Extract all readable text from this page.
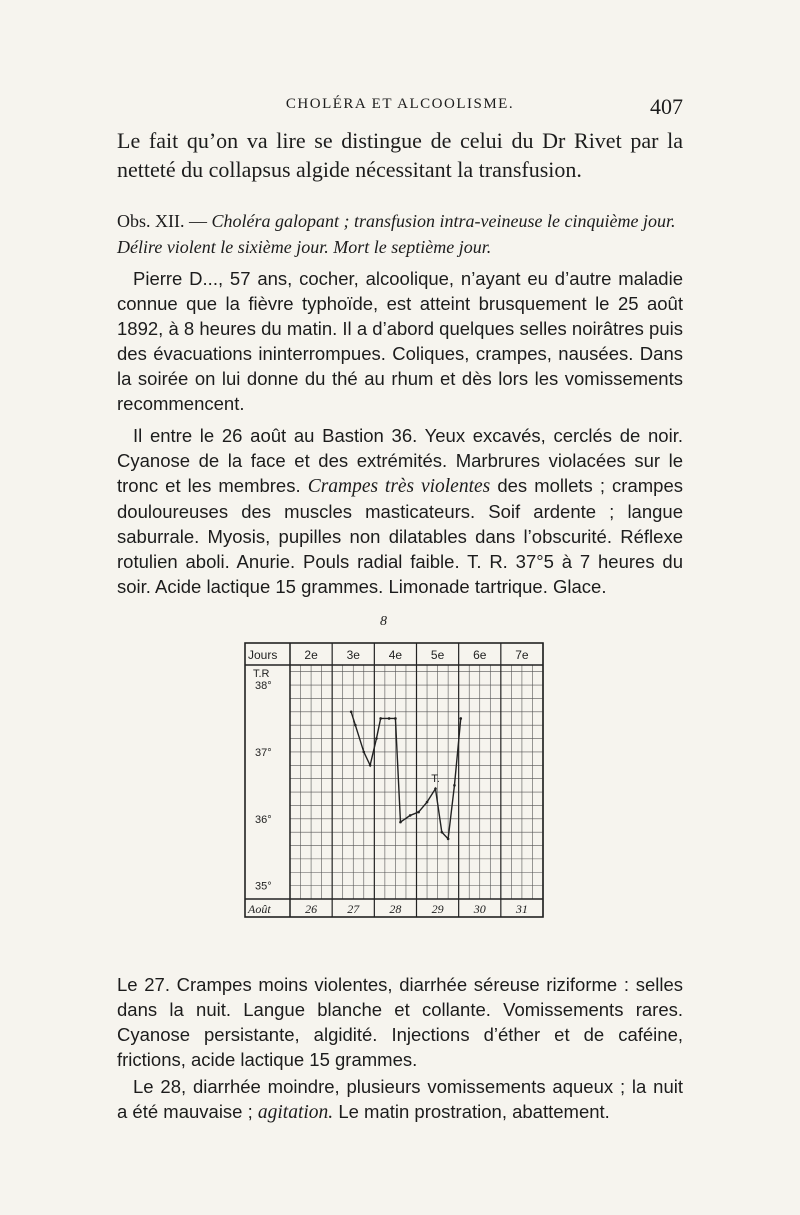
CHOLÉRA ET ALCOOLISME.	407

Le fait qu’on va lire se distingue de celui du Dr Rivet par la netteté du collapsus algide nécessitant la transfusion.

Obs. XII. — Choléra galopant ; transfusion intra-veineuse le cinquième jour. Délire violent le sixième jour. Mort le septième jour.

Pierre D..., 57 ans, cocher, alcoolique, n’ayant eu d’autre maladie connue que la fièvre typhoïde, est atteint brusquement le 25 août 1892, à 8 heures du matin. Il a d’abord quelques selles noirâtres puis des évacuations ininterrompues. Coliques, crampes, nausées. Dans la soirée on lui donne du thé au rhum et dès lors les vomissements recommencent.

Il entre le 26 août au Bastion 36. Yeux excavés, cerclés de noir. Cyanose de la face et des extrémités. Marbrures violacées sur le tronc et les membres. Crampes très violentes des mollets ; crampes douloureuses des muscles masticateurs. Soif ardente ; langue saburrale. Myosis, pupilles non dilatables dans l’obscurité. Réflexe rotulien aboli. Anurie. Pouls radial faible. T. R. 37°5 à 7 heures du soir. Acide lactique 15 grammes. Limonade tartrique. Glace.

8
Jours 2e 3e 4e 5e 6e 7e
Août	26	27	28	29	30	31
T.R
38°
37°
36°
35°
T.

Le 27. Crampes moins violentes, diarrhée séreuse riziforme : selles dans la nuit. Langue blanche et collante. Vomissements rares. Cyanose persistante, algidité. Injections d’éther et de caféine, frictions, acide lactique 15 grammes.

Le 28, diarrhée moindre, plusieurs vomissements aqueux ; la nuit a été mauvaise ; agitation. Le matin prostration, abattement.
